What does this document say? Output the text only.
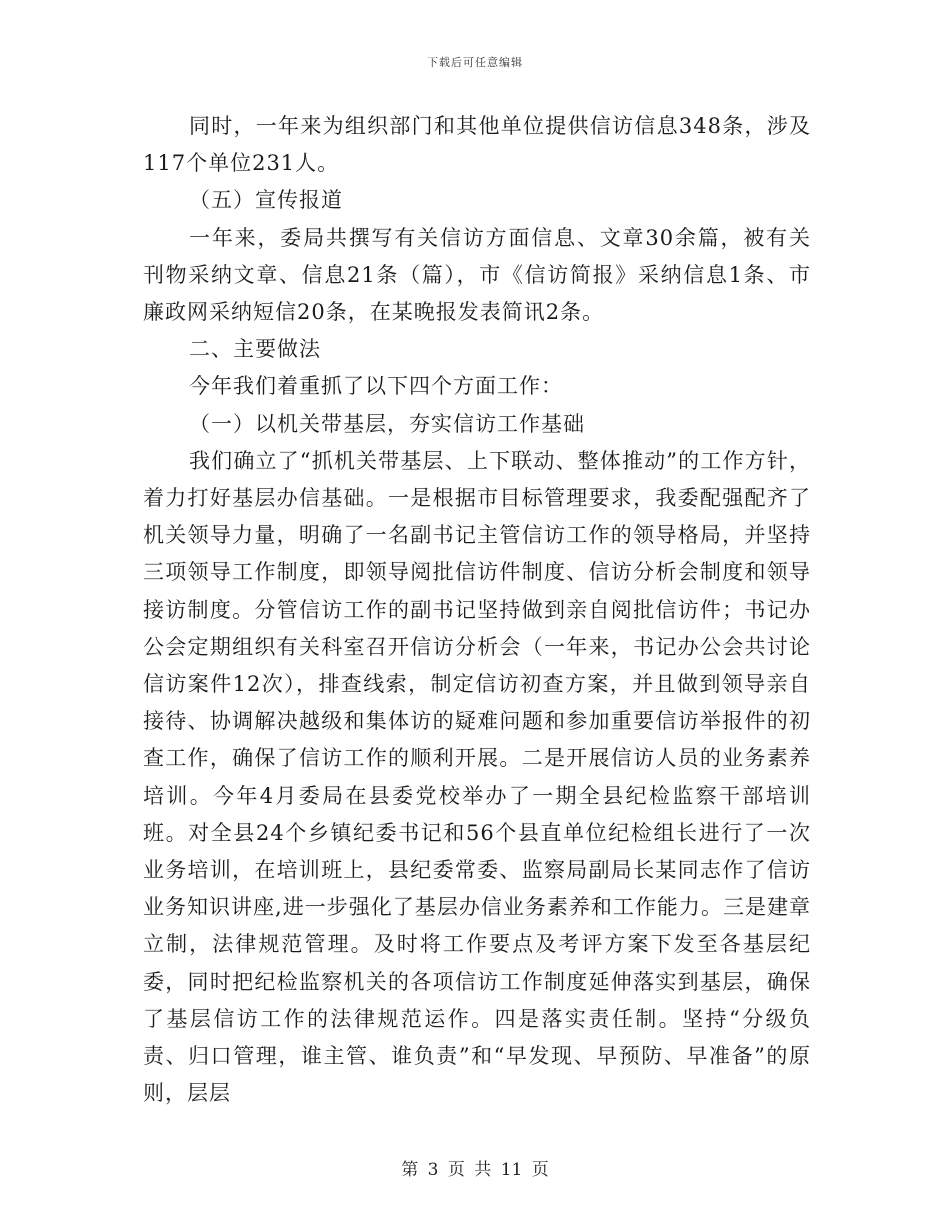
下载后可任意编辑

同时，一年来为组织部门和其他单位提供信访信息348条，涉及117个单位231人。

（五）宣传报道

一年来，委局共撰写有关信访方面信息、文章30余篇，被有关刊物采纳文章、信息21条（篇），市《信访简报》采纳信息1条、市廉政网采纳短信20条，在某晚报发表简讯2条。

二、主要做法

今年我们着重抓了以下四个方面工作：

（一）以机关带基层，夯实信访工作基础

我们确立了“抓机关带基层、上下联动、整体推动”的工作方针，着力打好基层办信基础。一是根据市目标管理要求，我委配强配齐了机关领导力量，明确了一名副书记主管信访工作的领导格局，并坚持三项领导工作制度，即领导阅批信访件制度、信访分析会制度和领导接访制度。分管信访工作的副书记坚持做到亲自阅批信访件；书记办公会定期组织有关科室召开信访分析会（一年来，书记办公会共讨论信访案件12次），排查线索，制定信访初查方案，并且做到领导亲自接待、协调解决越级和集体访的疑难问题和参加重要信访举报件的初查工作，确保了信访工作的顺利开展。二是开展信访人员的业务素养培训。今年4月委局在县委党校举办了一期全县纪检监察干部培训班。对全县24个乡镇纪委书记和56个县直单位纪检组长进行了一次业务培训，在培训班上，县纪委常委、监察局副局长某同志作了信访业务知识讲座,进一步强化了基层办信业务素养和工作能力。三是建章立制，法律规范管理。及时将工作要点及考评方案下发至各基层纪委，同时把纪检监察机关的各项信访工作制度延伸落实到基层，确保了基层信访工作的法律规范运作。四是落实责任制。坚持“分级负责、归口管理，谁主管、谁负责”和“早发现、早预防、早准备”的原则，层层

第 3 页 共 11 页
